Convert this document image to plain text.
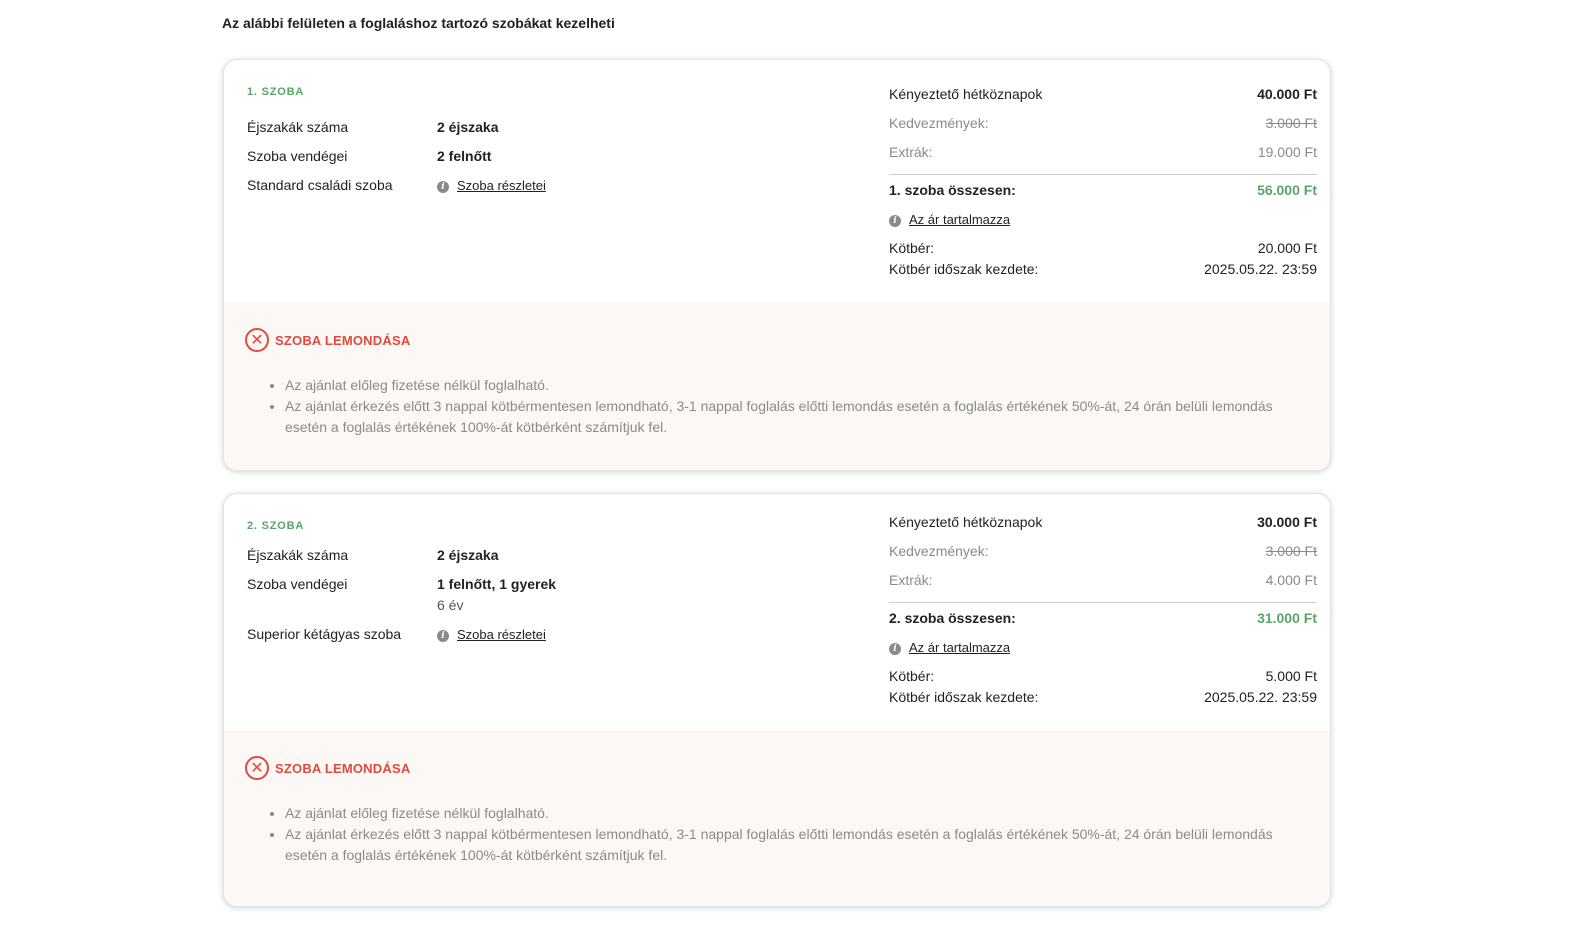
Az alábbi felületen a foglaláshoz tartozó szobákat kezelheti
1. SZOBA
Éjszakák száma	2 éjszaka
Szoba vendégei	2 felnőtt
Standard családi szoba	i Szoba részletei
Kényeztető hétköznapok	40.000 Ft
Kedvezmények:	3.000 Ft
Extrák:	19.000 Ft
1. szoba összesen:	56.000 Ft
i Az ár tartalmazza
Kötbér:	20.000 Ft
Kötbér időszak kezdete:	2025.05.22. 23:59
✕ SZOBA LEMONDÁSA
• Az ajánlat előleg fizetése nélkül foglalható.
• Az ajánlat érkezés előtt 3 nappal kötbérmentesen lemondható, 3-1 nappal foglalás előtti lemondás esetén a foglalás értékének 50%-át, 24 órán belüli lemondás esetén a foglalás értékének 100%-át kötbérként számítjuk fel.
2. SZOBA
Éjszakák száma	2 éjszaka
Szoba vendégei	1 felnőtt, 1 gyerek
6 év
Superior kétágyas szoba	i Szoba részletei
Kényeztető hétköznapok	30.000 Ft
Kedvezmények:	3.000 Ft
Extrák:	4.000 Ft
2. szoba összesen:	31.000 Ft
i Az ár tartalmazza
Kötbér:	5.000 Ft
Kötbér időszak kezdete:	2025.05.22. 23:59
✕ SZOBA LEMONDÁSA
• Az ajánlat előleg fizetése nélkül foglalható.
• Az ajánlat érkezés előtt 3 nappal kötbérmentesen lemondható, 3-1 nappal foglalás előtti lemondás esetén a foglalás értékének 50%-át, 24 órán belüli lemondás esetén a foglalás értékének 100%-át kötbérként számítjuk fel.
